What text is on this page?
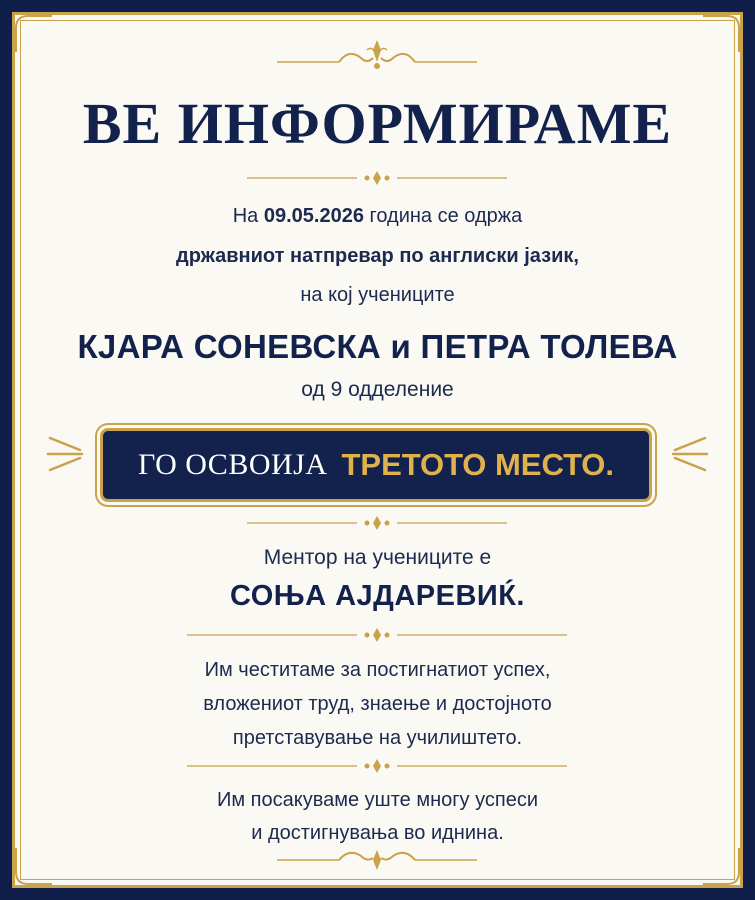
ВЕ ИНФОРМИРАМЕ
На 09.05.2026 година се одржа
државниот натпревар по англиски јазик,
на кој учениците
КЈАРА СОНЕВСКА и ПЕТРА ТОЛЕВА
од 9 одделение
ГО ОСВОИЈА ТРЕТОТО МЕСТО.
Ментор на учениците е
СОЊА АЈДАРЕВИЌ.
Им честитаме за постигнатиот успех,
вложениот труд, знаење и достојното
претставување на училиштето.
Им посакуваме уште многу успеси
и достигнувања во иднина.
